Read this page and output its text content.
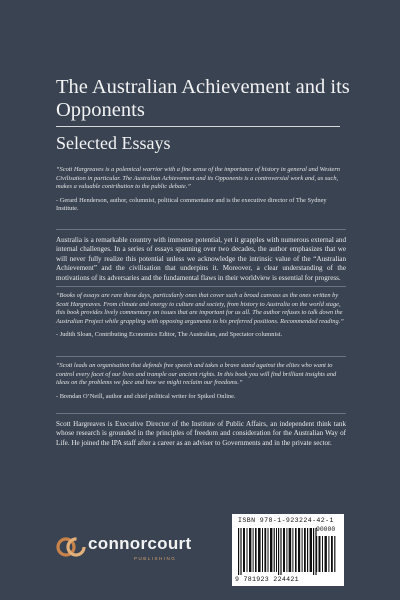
The Australian Achievement and its Opponents
Selected Essays

“Scott Hargreaves is a polemical warrior with a fine sense of the importance of history in general and Western Civilisation in particular. The Australian Achievement and its Opponents is a controversial work and, as such, makes a valuable contribution to the public debate.”

- Gerard Henderson, author, columnist, political commentator and is the executive director of The Sydney Institute.

Australia is a remarkable country with immense potential, yet it grapples with numerous external and internal challenges. In a series of essays spanning over two decades, the author emphasizes that we will never fully realize this potential unless we acknowledge the intrinsic value of the “Australian Achievement” and the civilisation that underpins it. Moreover, a clear understanding of the motivations of its adversaries and the fundamental flaws in their worldview is essential for progress.

“Books of essays are rare these days, particularly ones that cover such a broad canvass as the ones written by Scott Hargreaves. From climate and energy to culture and society, from history to Australia on the world stage, this book provides lively commentary on issues that are important for us all. The author refuses to talk down the Australian Project while grappling with opposing arguments to his preferred positions. Recommended reading.”

- Judith Sloan, Contributing Economics Editor, The Australian, and Spectator columnist.

“Scott leads an organisation that defends free speech and takes a brave stand against the elites who want to control every facet of our lives and trample our ancient rights. In this book you will find brilliant insights and ideas on the problems we face and how we might reclaim our freedoms.”

- Brendan O’Neill, author and chief political writer for Spiked Online.

Scott Hargreaves is Executive Director of the Institute of Public Affairs, an independent think tank whose research is grounded in the principles of freedom and consideration for the Australian Way of Life. He joined the IPA staff after a career as an adviser to Governments and in the private sector.

connorcourt
PUBLISHING
ISBN 978-1-923224-42-1
90000
9 781923 224421
